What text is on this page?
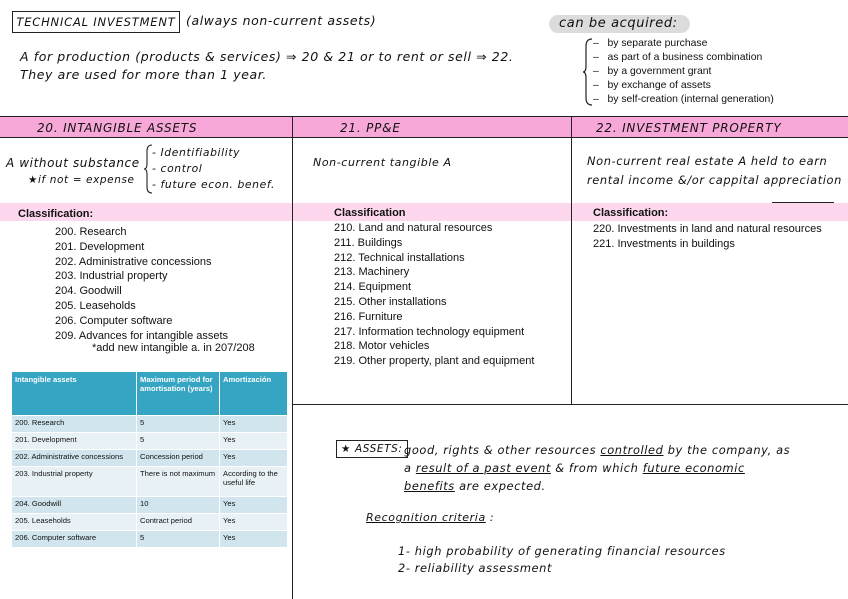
TECHNICAL INVESTMENT (always non-current assets)
A for production (products & services) ⇒ 20 & 21 or to rent or sell ⇒ 22.
They are used for more than 1 year.
can be acquired:
–   by separate purchase
–   as part of a business combination
–   by a government grant
–   by exchange of assets
–   by self-creation (internal generation)
20. INTANGIBLE ASSETS	21. PP&E	22. INVESTMENT PROPERTY
A without substance
★if not = expense
- Identifiability
- control
- future econ. benef.
Non-current tangible A	Non-current real estate A held to earn
rental income &/or cappital appreciation
Classification:
200. Research
201. Development
202. Administrative concessions
203. Industrial property
204. Goodwill
205. Leaseholds
206. Computer software
209. Advances for intangible assets
*add new intangible a. in 207/208
Classification
210. Land and natural resources
211. Buildings
212. Technical installations
213. Machinery
214. Equipment
215. Other installations
216. Furniture
217. Information technology equipment
218. Motor vehicles
219. Other property, plant and equipment
Classification:
220. Investments in land and natural resources
221. Investments in buildings
Intangible assets	Maximum period for amortisation (years)	Amortización
200. Research	5	Yes
201. Development	5	Yes
202. Administrative concessions	Concession period	Yes
203. Industrial property	There is not maximum	According to the useful life
204. Goodwill	10	Yes
205. Leaseholds	Contract period	Yes
206. Computer software	5	Yes
★ ASSETS: good, rights & other resources controlled by the company, as
a result of a past event & from which future economic
benefits are expected.
Recognition criteria :
1- high probability of generating financial resources
2- reliability assessment
